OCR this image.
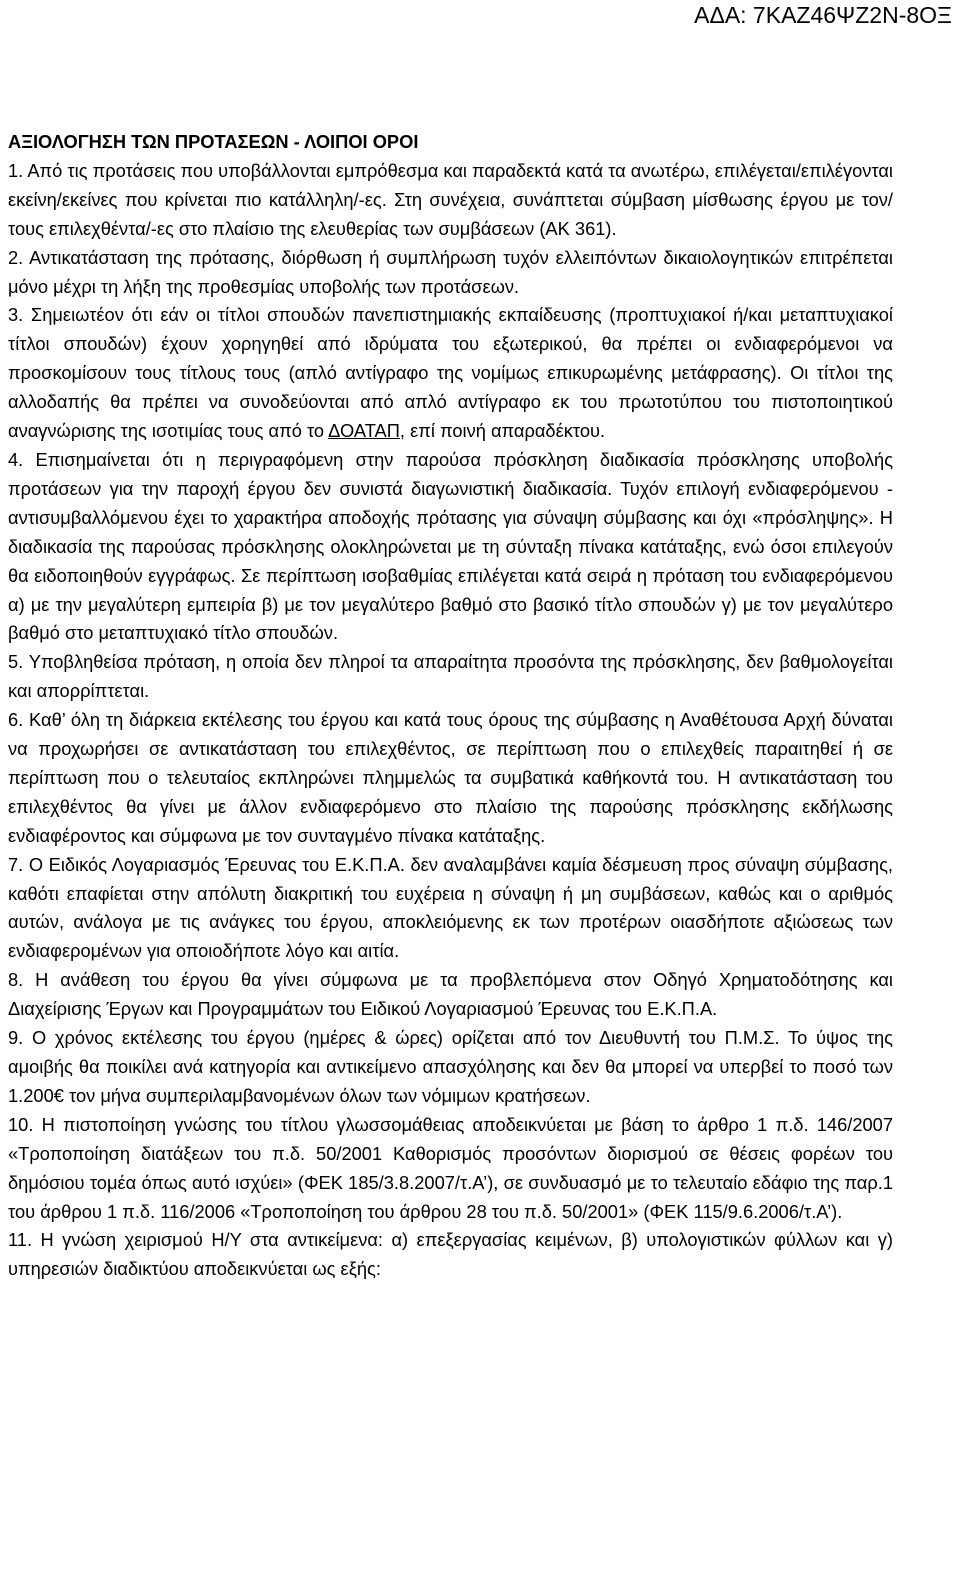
ΑΔΑ: 7ΚΑΖ46ΨΖ2Ν-8ΟΞ

ΑΞΙΟΛΟΓΗΣΗ ΤΩΝ ΠΡΟΤΑΣΕΩΝ - ΛΟΙΠΟΙ ΟΡΟΙ

1. Από τις προτάσεις που υποβάλλονται εμπρόθεσμα και παραδεκτά κατά τα ανωτέρω, επιλέγεται/επιλέγονται εκείνη/εκείνες που κρίνεται πιο κατάλληλη/-ες. Στη συνέχεια, συνάπτεται σύμβαση μίσθωσης έργου με τον/τους επιλεχθέντα/-ες στο πλαίσιο της ελευθερίας των συμβάσεων (ΑΚ 361).

2. Αντικατάσταση της πρότασης, διόρθωση ή συμπλήρωση τυχόν ελλειπόντων δικαιολογητικών επιτρέπεται μόνο μέχρι τη λήξη της προθεσμίας υποβολής των προτάσεων.

3. Σημειωτέον ότι εάν οι τίτλοι σπουδών πανεπιστημιακής εκπαίδευσης (προπτυχιακοί ή/και μεταπτυχιακοί τίτλοι σπουδών) έχουν χορηγηθεί από ιδρύματα του εξωτερικού, θα πρέπει οι ενδιαφερόμενοι να προσκομίσουν τους τίτλους τους (απλό αντίγραφο της νομίμως επικυρωμένης μετάφρασης). Οι τίτλοι της αλλοδαπής θα πρέπει να συνοδεύονται από απλό αντίγραφο εκ του πρωτοτύπου του πιστοποιητικού αναγνώρισης της ισοτιμίας τους από το ΔΟΑΤΑΠ, επί ποινή απαραδέκτου.

4. Επισημαίνεται ότι η περιγραφόμενη στην παρούσα πρόσκληση διαδικασία πρόσκλησης υποβολής προτάσεων για την παροχή έργου δεν συνιστά διαγωνιστική διαδικασία. Τυχόν επιλογή ενδιαφερόμενου - αντισυμβαλλόμενου έχει το χαρακτήρα αποδοχής πρότασης για σύναψη σύμβασης και όχι «πρόσληψης». Η διαδικασία της παρούσας πρόσκλησης ολοκληρώνεται με τη σύνταξη πίνακα κατάταξης, ενώ όσοι επιλεγούν θα ειδοποιηθούν εγγράφως. Σε περίπτωση ισοβαθμίας επιλέγεται κατά σειρά η πρόταση του ενδιαφερόμενου α) με την μεγαλύτερη εμπειρία β) με τον μεγαλύτερο βαθμό στο βασικό τίτλο σπουδών γ) με τον μεγαλύτερο βαθμό στο μεταπτυχιακό τίτλο σπουδών.

5. Υποβληθείσα πρόταση, η οποία δεν πληροί τα απαραίτητα προσόντα της πρόσκλησης, δεν βαθμολογείται και απορρίπτεται.

6. Καθ’ όλη τη διάρκεια εκτέλεσης του έργου και κατά τους όρους της σύμβασης η Αναθέτουσα Αρχή δύναται να προχωρήσει σε αντικατάσταση του επιλεχθέντος, σε περίπτωση που ο επιλεχθείς παραιτηθεί ή σε περίπτωση που ο τελευταίος εκπληρώνει πλημμελώς τα συμβατικά καθήκοντά του. Η αντικατάσταση του επιλεχθέντος θα γίνει με άλλον ενδιαφερόμενο στο πλαίσιο της παρούσης πρόσκλησης εκδήλωσης ενδιαφέροντος και σύμφωνα με τον συνταγμένο πίνακα κατάταξης.

7. Ο Ειδικός Λογαριασμός Έρευνας του Ε.Κ.Π.Α. δεν αναλαμβάνει καμία δέσμευση προς σύναψη σύμβασης, καθότι επαφίεται στην απόλυτη διακριτική του ευχέρεια η σύναψη ή μη συμβάσεων, καθώς και ο αριθμός αυτών, ανάλογα με τις ανάγκες του έργου, αποκλειόμενης εκ των προτέρων οιασδήποτε αξιώσεως των ενδιαφερομένων για οποιοδήποτε λόγο και αιτία.

8. Η ανάθεση του έργου θα γίνει σύμφωνα με τα προβλεπόμενα στον Οδηγό Χρηματοδότησης και Διαχείρισης Έργων και Προγραμμάτων του Ειδικού Λογαριασμού Έρευνας του Ε.Κ.Π.Α.

9. Ο χρόνος εκτέλεσης του έργου (ημέρες & ώρες) ορίζεται από τον Διευθυντή του Π.Μ.Σ. Το ύψος της αμοιβής θα ποικίλει ανά κατηγορία και αντικείμενο απασχόλησης και δεν θα μπορεί να υπερβεί το ποσό των 1.200€ τον μήνα συμπεριλαμβανομένων όλων των νόμιμων κρατήσεων.

10. Η πιστοποίηση γνώσης του τίτλου γλωσσομάθειας αποδεικνύεται με βάση το άρθρο 1 π.δ. 146/2007 «Τροποποίηση διατάξεων του π.δ. 50/2001 Καθορισμός προσόντων διορισμού σε θέσεις φορέων του δημόσιου τομέα όπως αυτό ισχύει» (ΦΕΚ 185/3.8.2007/τ.Α’), σε συνδυασμό με το τελευταίο εδάφιο της παρ.1 του άρθρου 1 π.δ. 116/2006 «Τροποποίηση του άρθρου 28 του π.δ. 50/2001» (ΦΕΚ 115/9.6.2006/τ.Α’).

11. Η γνώση χειρισμού Η/Υ στα αντικείμενα: α) επεξεργασίας κειμένων, β) υπολογιστικών φύλλων και γ) υπηρεσιών διαδικτύου αποδεικνύεται ως εξής:
